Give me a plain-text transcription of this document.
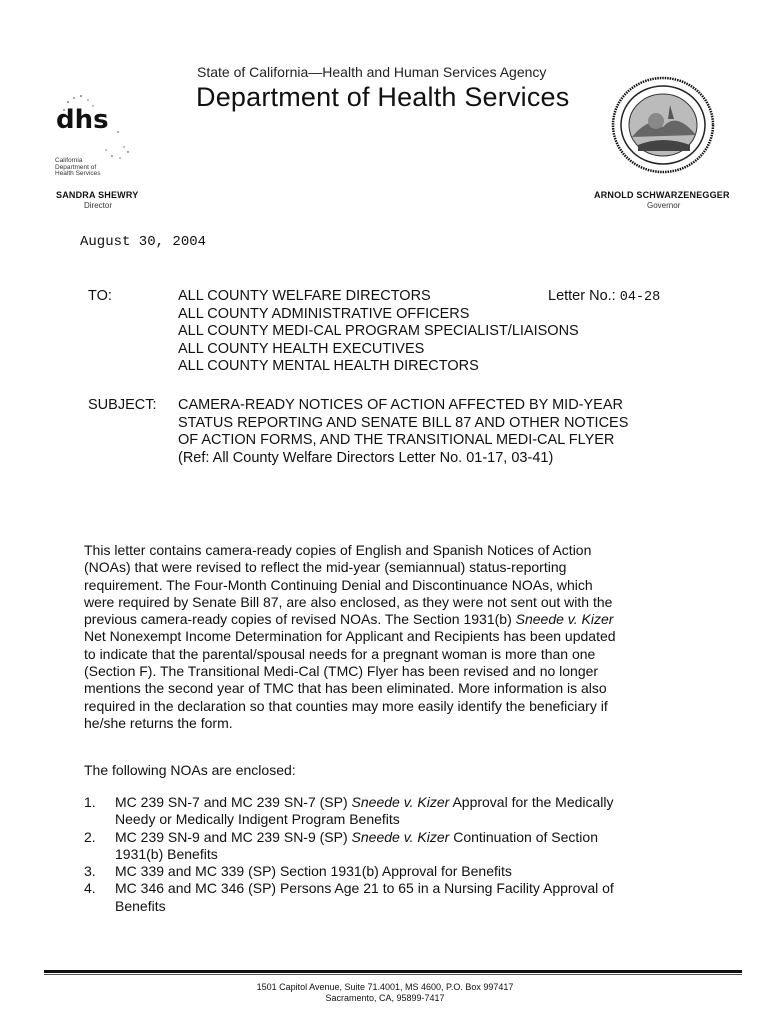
State of California—Health and Human Services Agency
Department of Health Services
dhs
California
Department of
Health Services
SANDRA SHEWRY
Director
ARNOLD SCHWARZENEGGER
Governor
August 30, 2004
TO:	ALL COUNTY WELFARE DIRECTORS
ALL COUNTY ADMINISTRATIVE OFFICERS
ALL COUNTY MEDI-CAL PROGRAM SPECIALIST/LIAISONS
ALL COUNTY HEALTH EXECUTIVES
ALL COUNTY MENTAL HEALTH DIRECTORS
Letter No.: 04-28
SUBJECT: CAMERA-READY NOTICES OF ACTION AFFECTED BY MID-YEAR
STATUS REPORTING AND SENATE BILL 87 AND OTHER NOTICES
OF ACTION FORMS, AND THE TRANSITIONAL MEDI-CAL FLYER
(Ref: All County Welfare Directors Letter No. 01-17, 03-41)
This letter contains camera-ready copies of English and Spanish Notices of Action
(NOAs) that were revised to reflect the mid-year (semiannual) status-reporting
requirement. The Four-Month Continuing Denial and Discontinuance NOAs, which
were required by Senate Bill 87, are also enclosed, as they were not sent out with the
previous camera-ready copies of revised NOAs. The Section 1931(b) Sneede v. Kizer
Net Nonexempt Income Determination for Applicant and Recipients has been updated
to indicate that the parental/spousal needs for a pregnant woman is more than one
(Section F). The Transitional Medi-Cal (TMC) Flyer has been revised and no longer
mentions the second year of TMC that has been eliminated. More information is also
required in the declaration so that counties may more easily identify the beneficiary if
he/she returns the form.
The following NOAs are enclosed:
1. MC 239 SN-7 and MC 239 SN-7 (SP) Sneede v. Kizer Approval for the Medically
Needy or Medically Indigent Program Benefits
2. MC 239 SN-9 and MC 239 SN-9 (SP) Sneede v. Kizer Continuation of Section
1931(b) Benefits
3. MC 339 and MC 339 (SP) Section 1931(b) Approval for Benefits
4. MC 346 and MC 346 (SP) Persons Age 21 to 65 in a Nursing Facility Approval of
Benefits
1501 Capitol Avenue, Suite 71.4001, MS 4600, P.O. Box 997417
Sacramento, CA, 95899-7417
